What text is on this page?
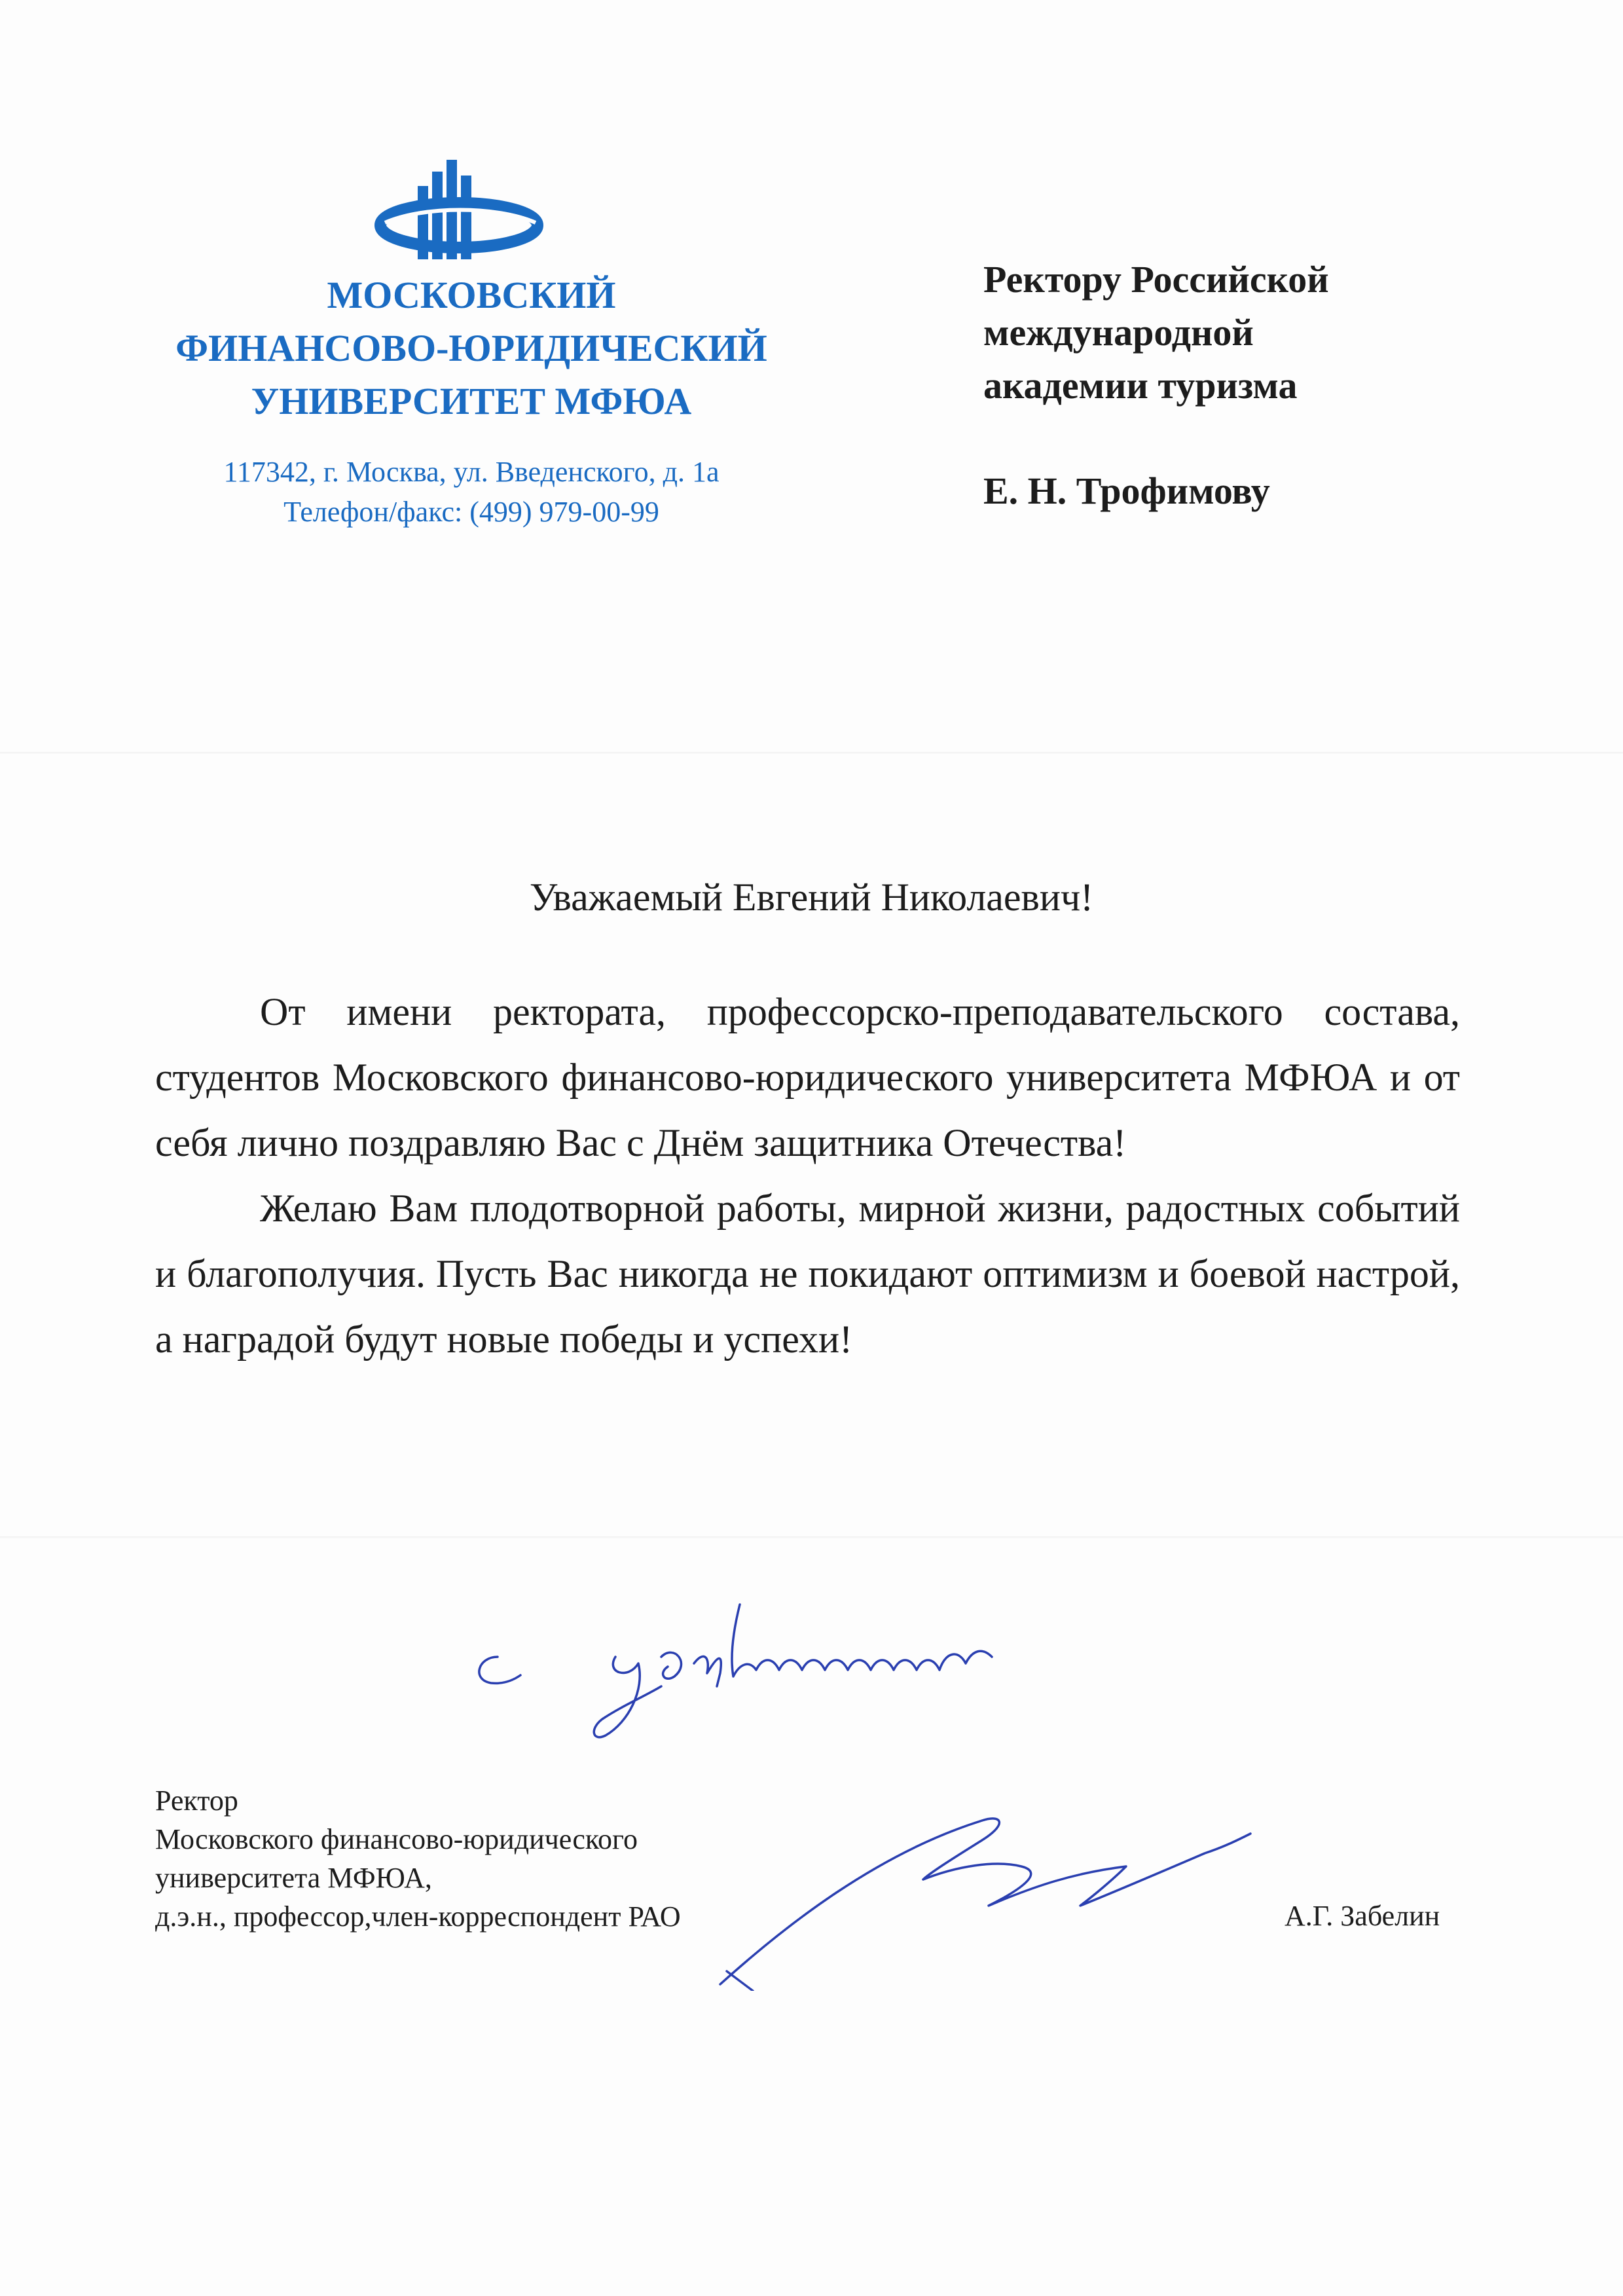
МОСКОВСКИЙ
ФИНАНСОВО-ЮРИДИЧЕСКИЙ
УНИВЕРСИТЕТ МФЮА
117342, г. Москва, ул. Введенского, д. 1а
Телефон/факс: (499) 979-00-99
Ректору Российской
международной
академии туризма
Е. Н. Трофимову
Уважаемый Евгений Николаевич!

От имени ректората, профессорско-преподавательского состава, студентов Московского финансово-юридического университета МФЮА и от себя лично поздравляю Вас с Днём защитника Отечества!

Желаю Вам плодотворной работы, мирной жизни, радостных событий и благополучия. Пусть Вас никогда не покидают оптимизм и боевой настрой, а наградой будут новые победы и успехи!

Ректор
Московского финансово-юридического
университета МФЮА,
д.э.н., профессор,член-корреспондент РАО	А.Г. Забелин
